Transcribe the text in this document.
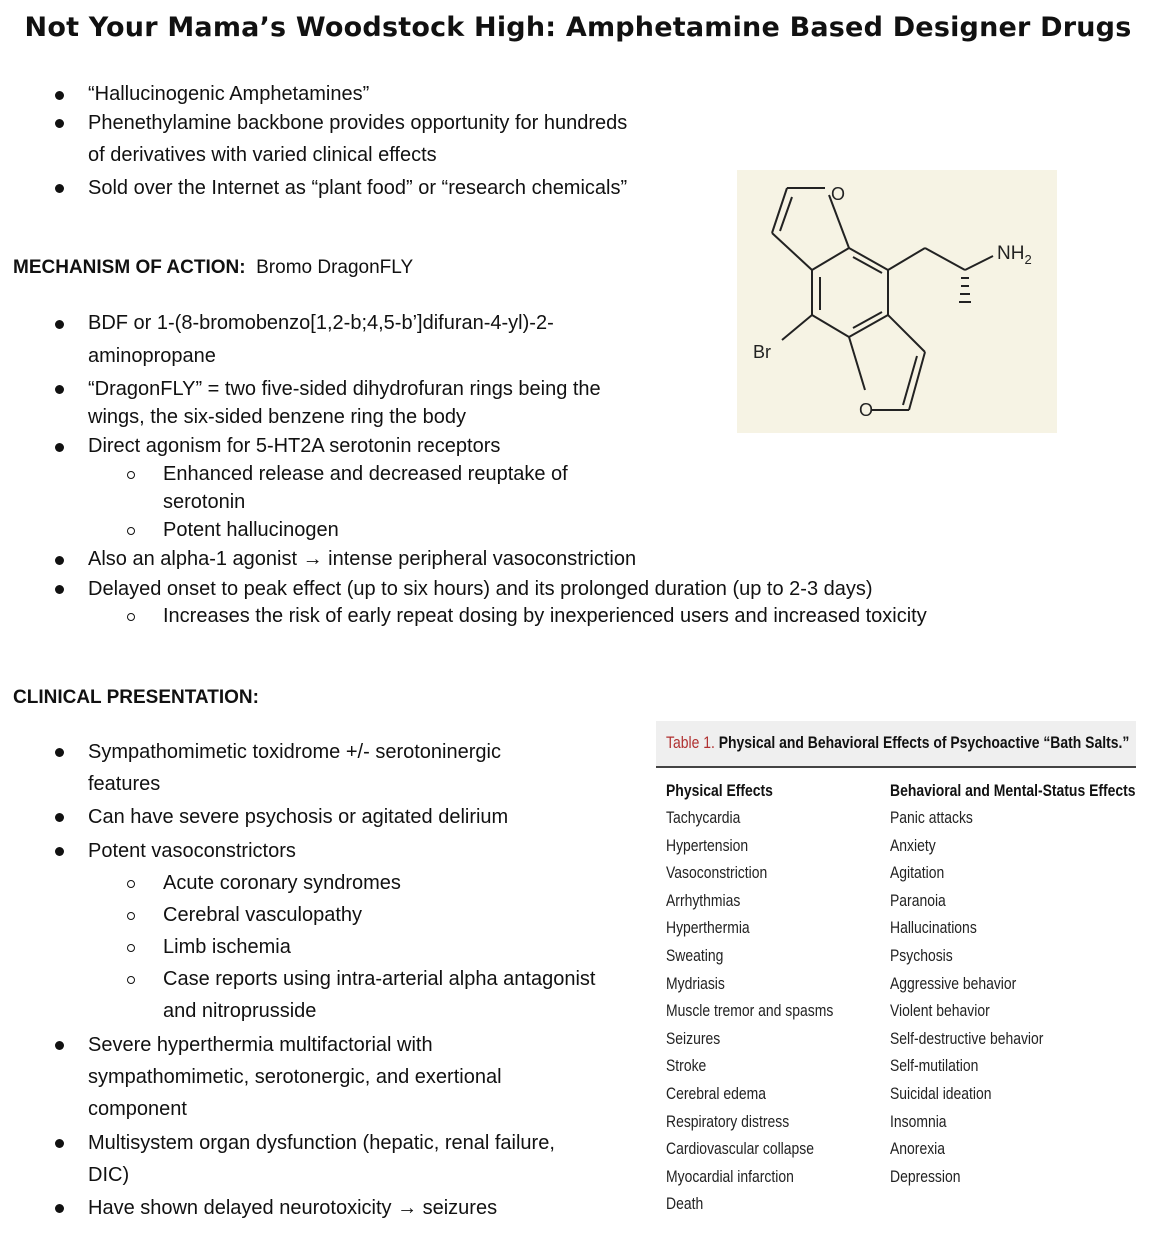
Not Your Mama’s Woodstock High: Amphetamine Based Designer Drugs
“Hallucinogenic Amphetamines”
Phenethylamine backbone provides opportunity for hundreds
of derivatives with varied clinical effects
Sold over the Internet as “plant food” or “research chemicals”
MECHANISM OF ACTION: Bromo DragonFLY
BDF or 1-(8-bromobenzo[1,2-b;4,5-b’]difuran-4-yl)-2-
aminopropane
“DragonFLY” = two five-sided dihydrofuran rings being the
wings, the six-sided benzene ring the body
Direct agonism for 5-HT2A serotonin receptors
Enhanced release and decreased reuptake of
serotonin
Potent hallucinogen
Also an alpha-1 agonist → intense peripheral vasoconstriction
Delayed onset to peak effect (up to six hours) and its prolonged duration (up to 2-3 days)
Increases the risk of early repeat dosing by inexperienced users and increased toxicity
O
O
$NH_2$
Br
CLINICAL PRESENTATION:
Sympathomimetic toxidrome +/- serotoninergic
features
Can have severe psychosis or agitated delirium
Potent vasoconstrictors
Acute coronary syndromes
Cerebral vasculopathy
Limb ischemia
Case reports using intra-arterial alpha antagonist
and nitroprusside
Severe hyperthermia multifactorial with
sympathomimetic, serotonergic, and exertional
component
Multisystem organ dysfunction (hepatic, renal failure,
DIC)
Have shown delayed neurotoxicity → seizures
Table 1. Physical and Behavioral Effects of Psychoactive “Bath Salts.”
Physical Effects
Tachycardia
Hypertension
Vasoconstriction
Arrhythmias
Hyperthermia
Sweating
Mydriasis
Muscle tremor and spasms
Seizures
Stroke
Cerebral edema
Respiratory distress
Cardiovascular collapse
Myocardial infarction
Death
Behavioral and Mental-Status Effects
Panic attacks
Anxiety
Agitation
Paranoia
Hallucinations
Psychosis
Aggressive behavior
Violent behavior
Self-destructive behavior
Self-mutilation
Suicidal ideation
Insomnia
Anorexia
Depression
